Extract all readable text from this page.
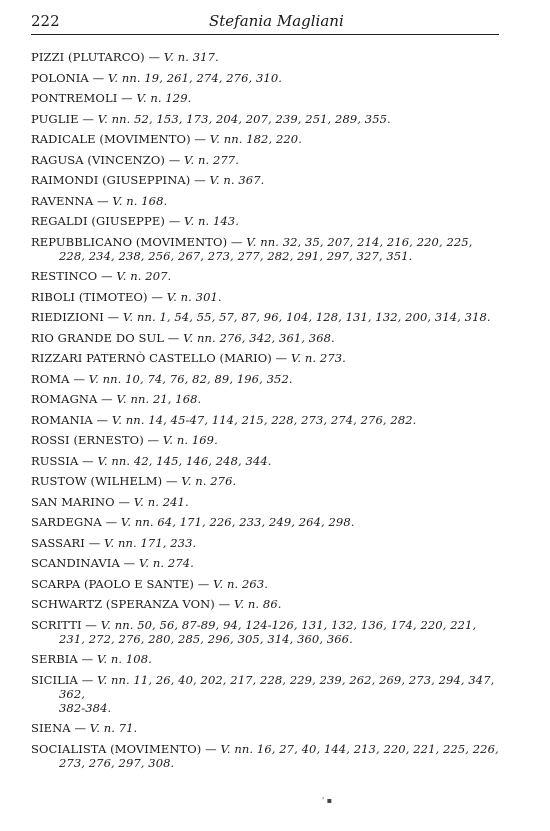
222	Stefania Magliani
PIZZI (PLUTARCO) — V. n. 317.
POLONIA — V. nn. 19, 261, 274, 276, 310.
PONTREMOLI — V. n. 129.
PUGLIE — V. nn. 52, 153, 173, 204, 207, 239, 251, 289, 355.
RADICALE (MOVIMENTO) — V. nn. 182, 220.
RAGUSA (VINCENZO) — V. n. 277.
RAIMONDI (GIUSEPPINA) — V. n. 367.
RAVENNA — V. n. 168.
REGALDI (GIUSEPPE) — V. n. 143.
REPUBBLICANO (MOVIMENTO) — V. nn. 32, 35, 207, 214, 216, 220, 225,
228, 234, 238, 256, 267, 273, 277, 282, 291, 297, 327, 351.
RESTINCO — V. n. 207.
RIBOLI (TIMOTEO) — V. n. 301.
RIEDIZIONI — V. nn. 1, 54, 55, 57, 87, 96, 104, 128, 131, 132, 200, 314, 318.
RIO GRANDE DO SUL — V. nn. 276, 342, 361, 368.
RIZZARI PATERNÒ CASTELLO (MARIO) — V. n. 273.
ROMA — V. nn. 10, 74, 76, 82, 89, 196, 352.
ROMAGNA — V. nn. 21, 168.
ROMANIA — V. nn. 14, 45-47, 114, 215, 228, 273, 274, 276, 282.
ROSSI (ERNESTO) — V. n. 169.
RUSSIA — V. nn. 42, 145, 146, 248, 344.
RUSTOW (WILHELM) — V. n. 276.
SAN MARINO — V. n. 241.
SARDEGNA — V. nn. 64, 171, 226, 233, 249, 264, 298.
SASSARI — V. nn. 171, 233.
SCANDINAVIA — V. n. 274.
SCARPA (PAOLO E SANTE) — V. n. 263.
SCHWARTZ (SPERANZA VON) — V. n. 86.
SCRITTI — V. nn. 50, 56, 87-89, 94, 124-126, 131, 132, 136, 174, 220, 221,
231, 272, 276, 280, 285, 296, 305, 314, 360, 366.
SERBIA — V. n. 108.
SICILIA — V. nn. 11, 26, 40, 202, 217, 228, 229, 239, 262, 269, 273, 294, 347, 362,
382-384.
SIENA — V. n. 71.
SOCIALISTA (MOVIMENTO) — V. nn. 16, 27, 40, 144, 213, 220, 221, 225, 226,
273, 276, 297, 308.
' ▪
